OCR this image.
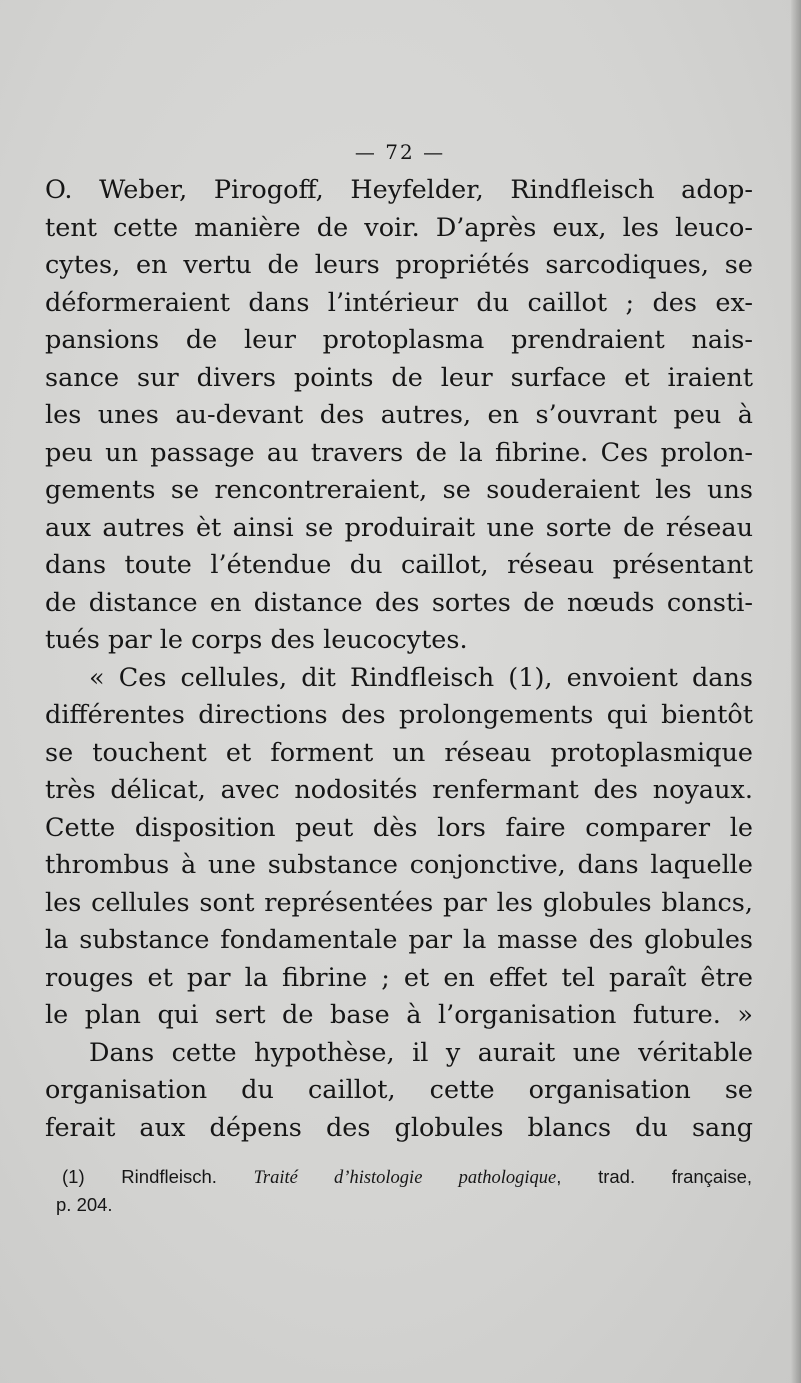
— 72 —
O. Weber, Pirogoff, Heyfelder, Rindfleisch adop-
tent cette manière de voir. D’après eux, les leuco-
cytes, en vertu de leurs propriétés sarcodiques, se
déformeraient dans l’intérieur du caillot ; des ex-
pansions de leur protoplasma prendraient nais-
sance sur divers points de leur surface et iraient
les unes au-devant des autres, en s’ouvrant peu à
peu un passage au travers de la fibrine. Ces prolon-
gements se rencontreraient, se souderaient les uns
aux autres èt ainsi se produirait une sorte de réseau
dans toute l’étendue du caillot, réseau présentant
de distance en distance des sortes de nœuds consti-
tués par le corps des leucocytes.
« Ces cellules, dit Rindfleisch (1), envoient dans
différentes directions des prolongements qui bientôt
se touchent et forment un réseau protoplasmique
très délicat, avec nodosités renfermant des noyaux.
Cette disposition peut dès lors faire comparer le
thrombus à une substance conjonctive, dans laquelle
les cellules sont représentées par les globules blancs,
la substance fondamentale par la masse des globules
rouges et par la fibrine ; et en effet tel paraît être
le plan qui sert de base à l’organisation future. »
Dans cette hypothèse, il y aurait une véritable
organisation du caillot, cette organisation se
ferait aux dépens des globules blancs du sang
(1) Rindfleisch. Traité d’histologie pathologique, trad. française,
p. 204.
